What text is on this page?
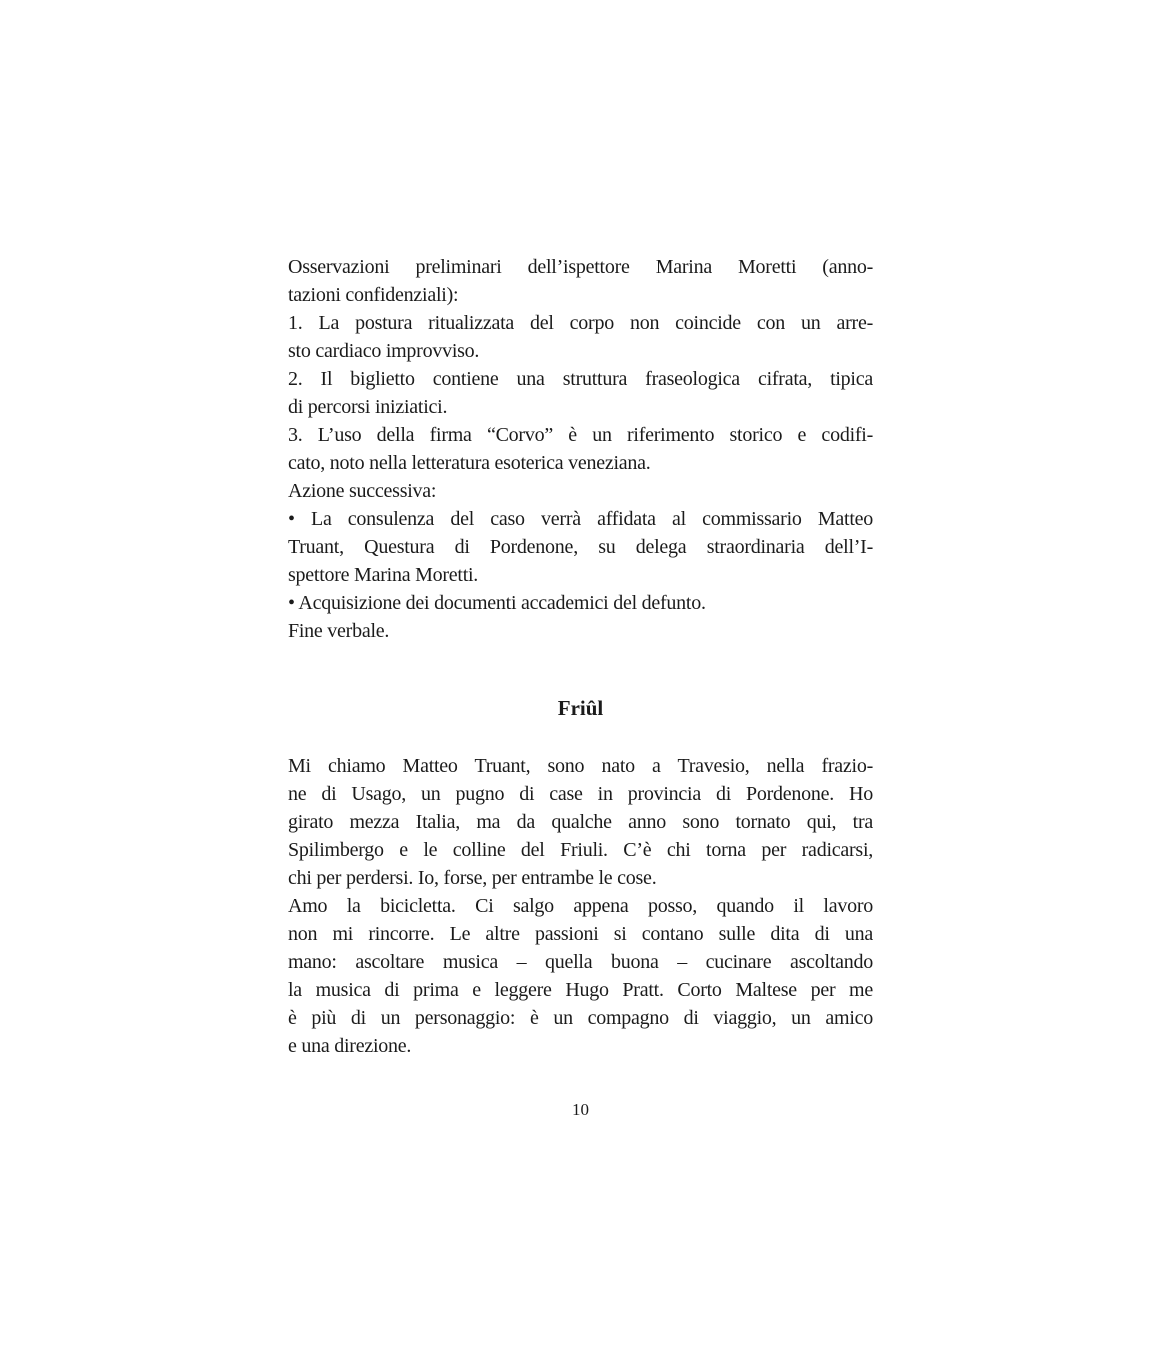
Osservazioni preliminari dell’ispettore Marina Moretti (anno-
tazioni confidenziali):
1. La postura ritualizzata del corpo non coincide con un arre-
sto cardiaco improvviso.
2. Il biglietto contiene una struttura fraseologica cifrata, tipica
di percorsi iniziatici.
3. L’uso della firma “Corvo” è un riferimento storico e codifi-
cato, noto nella letteratura esoterica veneziana.
Azione successiva:
• La consulenza del caso verrà affidata al commissario Matteo
Truant, Questura di Pordenone, su delega straordinaria dell’I-
spettore Marina Moretti.
• Acquisizione dei documenti accademici del defunto.
Fine verbale.
Friûl
Mi chiamo Matteo Truant, sono nato a Travesio, nella frazio-
ne di Usago, un pugno di case in provincia di Pordenone. Ho
girato mezza Italia, ma da qualche anno sono tornato qui, tra
Spilimbergo e le colline del Friuli. C’è chi torna per radicarsi,
chi per perdersi. Io, forse, per entrambe le cose.
Amo la bicicletta. Ci salgo appena posso, quando il lavoro
non mi rincorre. Le altre passioni si contano sulle dita di una
mano: ascoltare musica – quella buona – cucinare ascoltando
la musica di prima e leggere Hugo Pratt. Corto Maltese per me
è più di un personaggio: è un compagno di viaggio, un amico
e una direzione.
10
